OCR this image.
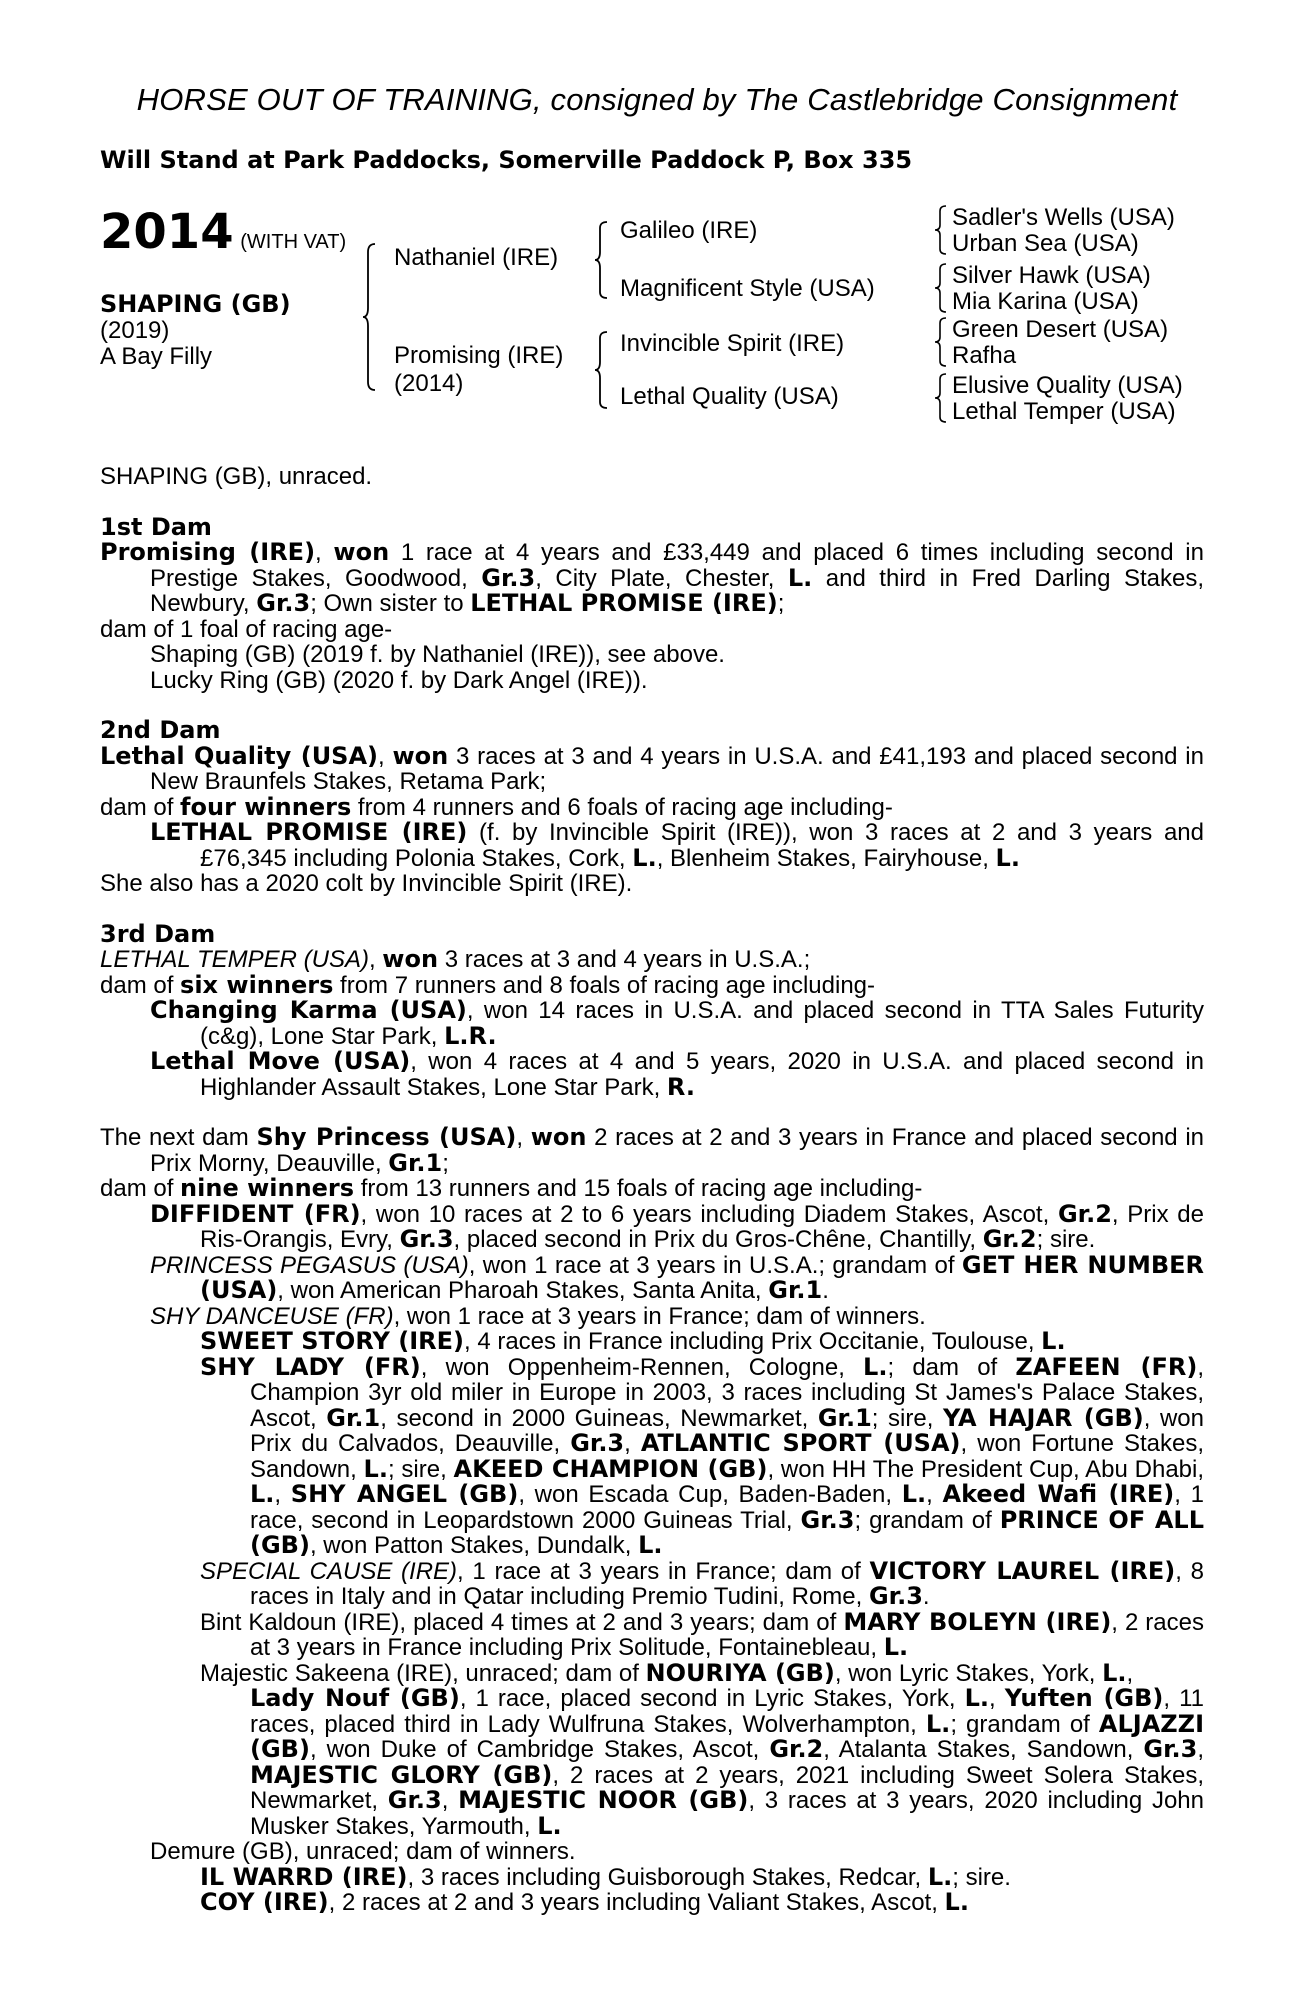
HORSE OUT OF TRAINING, consigned by The Castlebridge Consignment
Will Stand at Park Paddocks, Somerville Paddock P, Box 335
2014 (WITH VAT)
SHAPING (GB)
(2019)
A Bay Filly
Nathaniel (IRE)
Promising (IRE)
(2014)
Galileo (IRE)
Magnificent Style (USA)
Invincible Spirit (IRE)
Lethal Quality (USA)
Sadler's Wells (USA)
Urban Sea (USA)
Silver Hawk (USA)
Mia Karina (USA)
Green Desert (USA)
Rafha
Elusive Quality (USA)
Lethal Temper (USA)

SHAPING (GB), unraced.

1st Dam

Promising (IRE), won 1 race at 4 years and £33,449 and placed 6 times including second in Prestige Stakes, Goodwood, Gr.3, City Plate, Chester, L. and third in Fred Darling Stakes, Newbury, Gr.3; Own sister to LETHAL PROMISE (IRE);

dam of 1 foal of racing age-

Shaping (GB) (2019 f. by Nathaniel (IRE)), see above.

Lucky Ring (GB) (2020 f. by Dark Angel (IRE)).

2nd Dam

Lethal Quality (USA), won 3 races at 3 and 4 years in U.S.A. and £41,193 and placed second in New Braunfels Stakes, Retama Park;

dam of four winners from 4 runners and 6 foals of racing age including-

LETHAL PROMISE (IRE) (f. by Invincible Spirit (IRE)), won 3 races at 2 and 3 years and £76,345 including Polonia Stakes, Cork, L., Blenheim Stakes, Fairyhouse, L.

She also has a 2020 colt by Invincible Spirit (IRE).

3rd Dam

LETHAL TEMPER (USA), won 3 races at 3 and 4 years in U.S.A.;

dam of six winners from 7 runners and 8 foals of racing age including-

Changing Karma (USA), won 14 races in U.S.A. and placed second in TTA Sales Futurity (c&g), Lone Star Park, L.R.

Lethal Move (USA), won 4 races at 4 and 5 years, 2020 in U.S.A. and placed second in Highlander Assault Stakes, Lone Star Park, R.

The next dam Shy Princess (USA), won 2 races at 2 and 3 years in France and placed second in Prix Morny, Deauville, Gr.1;

dam of nine winners from 13 runners and 15 foals of racing age including-

DIFFIDENT (FR), won 10 races at 2 to 6 years including Diadem Stakes, Ascot, Gr.2, Prix de Ris-Orangis, Evry, Gr.3, placed second in Prix du Gros-Chêne, Chantilly, Gr.2; sire.

PRINCESS PEGASUS (USA), won 1 race at 3 years in U.S.A.; grandam of GET HER NUMBER (USA), won American Pharoah Stakes, Santa Anita, Gr.1.

SHY DANCEUSE (FR), won 1 race at 3 years in France; dam of winners.

SWEET STORY (IRE), 4 races in France including Prix Occitanie, Toulouse, L.

SHY LADY (FR), won Oppenheim-Rennen, Cologne, L.; dam of ZAFEEN (FR), Champion 3yr old miler in Europe in 2003, 3 races including St James's Palace Stakes, Ascot, Gr.1, second in 2000 Guineas, Newmarket, Gr.1; sire, YA HAJAR (GB), won Prix du Calvados, Deauville, Gr.3, ATLANTIC SPORT (USA), won Fortune Stakes, Sandown, L.; sire, AKEED CHAMPION (GB), won HH The President Cup, Abu Dhabi, L., SHY ANGEL (GB), won Escada Cup, Baden-Baden, L., Akeed Wafi (IRE), 1 race, second in Leopardstown 2000 Guineas Trial, Gr.3; grandam of PRINCE OF ALL (GB), won Patton Stakes, Dundalk, L.

SPECIAL CAUSE (IRE), 1 race at 3 years in France; dam of VICTORY LAUREL (IRE), 8 races in Italy and in Qatar including Premio Tudini, Rome, Gr.3.

Bint Kaldoun (IRE), placed 4 times at 2 and 3 years; dam of MARY BOLEYN (IRE), 2 races at 3 years in France including Prix Solitude, Fontainebleau, L.

Majestic Sakeena (IRE), unraced; dam of NOURIYA (GB), won Lyric Stakes, York, L.,

Lady Nouf (GB), 1 race, placed second in Lyric Stakes, York, L., Yuften (GB), 11 races, placed third in Lady Wulfruna Stakes, Wolverhampton, L.; grandam of ALJAZZI (GB), won Duke of Cambridge Stakes, Ascot, Gr.2, Atalanta Stakes, Sandown, Gr.3, MAJESTIC GLORY (GB), 2 races at 2 years, 2021 including Sweet Solera Stakes, Newmarket, Gr.3, MAJESTIC NOOR (GB), 3 races at 3 years, 2020 including John Musker Stakes, Yarmouth, L.

Demure (GB), unraced; dam of winners.

IL WARRD (IRE), 3 races including Guisborough Stakes, Redcar, L.; sire.

COY (IRE), 2 races at 2 and 3 years including Valiant Stakes, Ascot, L.
